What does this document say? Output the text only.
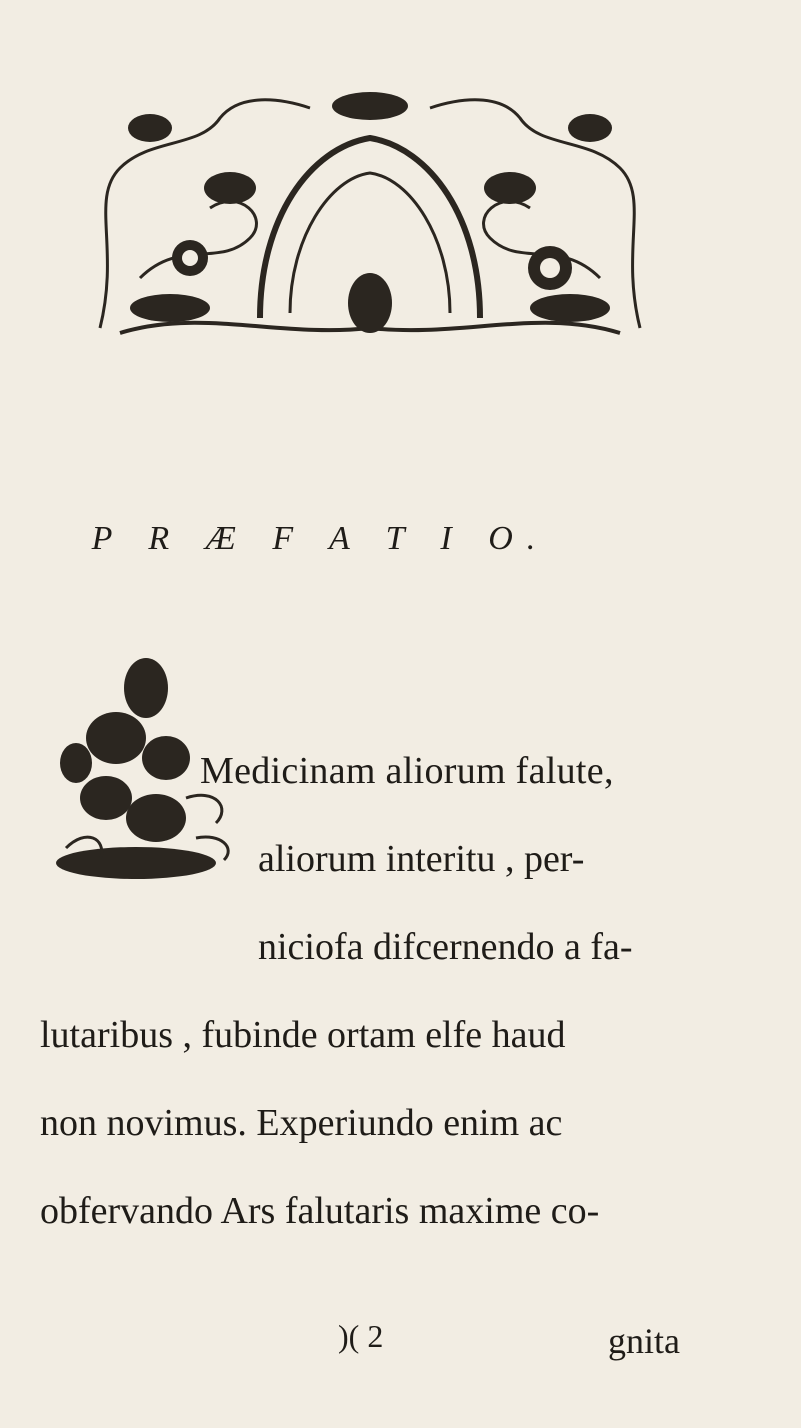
P R Æ F A T I O.
Medicinam aliorum falute,
aliorum interitu , per-
niciofa difcernendo a fa-
lutaribus , fubinde ortam elfe haud
non novimus. Experiundo enim ac
obfervando Ars falutaris maxime co-
)( 2	gnita
